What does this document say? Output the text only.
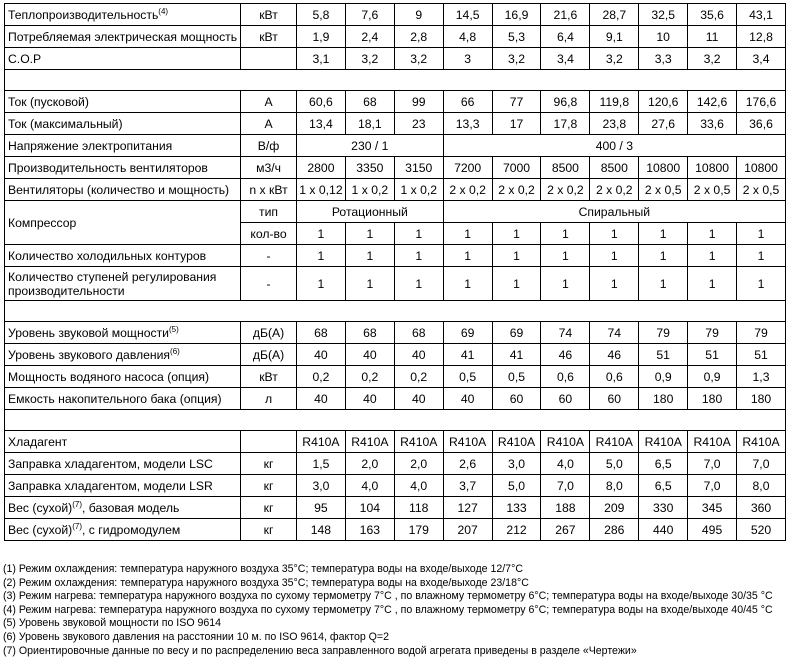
Теплопроизводительность$^{(4)}$	кВт	5,8	7,6	9	14,5	16,9	21,6	28,7	32,5	35,6	43,1
Потребляемая электрическая мощность	кВт	1,9	2,4	2,8	4,8	5,3	6,4	9,1	10	11	12,8
C.O.P		3,1	3,2	3,2	3	3,2	3,4	3,2	3,3	3,2	3,4

Ток (пусковой)	А	60,6	68	99	66	77	96,8	119,8	120,6	142,6	176,6
Ток (максимальный)	А	13,4	18,1	23	13,3	17	17,8	23,8	27,6	33,6	36,6
Напряжение электропитания	В/ф	230 / 1			400 / 3						
Производительность вентиляторов	м3/ч	2800	3350	3150	7200	7000	8500	8500	10800	10800	10800
Вентиляторы (количество и мощность)	n x кВт	1 x 0,12	1 x 0,2	1 x 0,2	2 x 0,2	2 x 0,2	2 x 0,2	2 x 0,2	2 x 0,5	2 x 0,5	2 x 0,5
Компрессор	тип	Ротационный			Спиральный						
	кол-во	1	1	1	1	1	1	1	1	1	1
Количество холодильных контуров	-	1	1	1	1	1	1	1	1	1	1
Количество ступеней регулирования производительности	-	1	1	1	1	1	1	1	1	1	1

Уровень звуковой мощности$^{(5)}$	дБ(А)	68	68	68	69	69	74	74	79	79	79
Уровень звукового давления$^{(6)}$	дБ(А)	40	40	40	41	41	46	46	51	51	51
Мощность водяного насоса (опция)	кВт	0,2	0,2	0,2	0,5	0,5	0,6	0,6	0,9	0,9	1,3
Емкость накопительного бака (опция)	л	40	40	40	40	60	60	60	180	180	180

Хладагент		R410A	R410A	R410A	R410A	R410A	R410A	R410A	R410A	R410A	R410A
Заправка хладагентом, модели LSC	кг	1,5	2,0	2,0	2,6	3,0	4,0	5,0	6,5	7,0	7,0
Заправка хладагентом, модели LSR	кг	3,0	4,0	4,0	3,7	5,0	7,0	8,0	6,5	7,0	8,0
Вес (сухой)$^{(7)}$, базовая модель	кг	95	104	118	127	133	188	209	330	345	360
Вес (сухой)$^{(7)}$, с гидромодулем	кг	148	163	179	207	212	267	286	440	495	520
(1) Режим охлаждения: температура наружного воздуха 35°C; температура воды на входе/выходе 12/7°C
(2) Режим охлаждения: температура наружного воздуха 35°C; температура воды на входе/выходе 23/18°C
(3) Режим нагрева: температура наружного воздуха по сухому термометру 7°C , по влажному термометру 6°C; температура воды на входе/выходе 30/35 °C
(4) Режим нагрева: температура наружного воздуха по сухому термометру 7°C , по влажному термометру 6°C; температура воды на входе/выходе 40/45 °C
(5) Уровень звуковой мощности по ISO 9614
(6) Уровень звукового давления на расстоянии 10 м. по ISO 9614, фактор Q=2
(7) Ориентировочные данные по весу и по распределению веса заправленного водой агрегата приведены в разделе «Чертежи»
